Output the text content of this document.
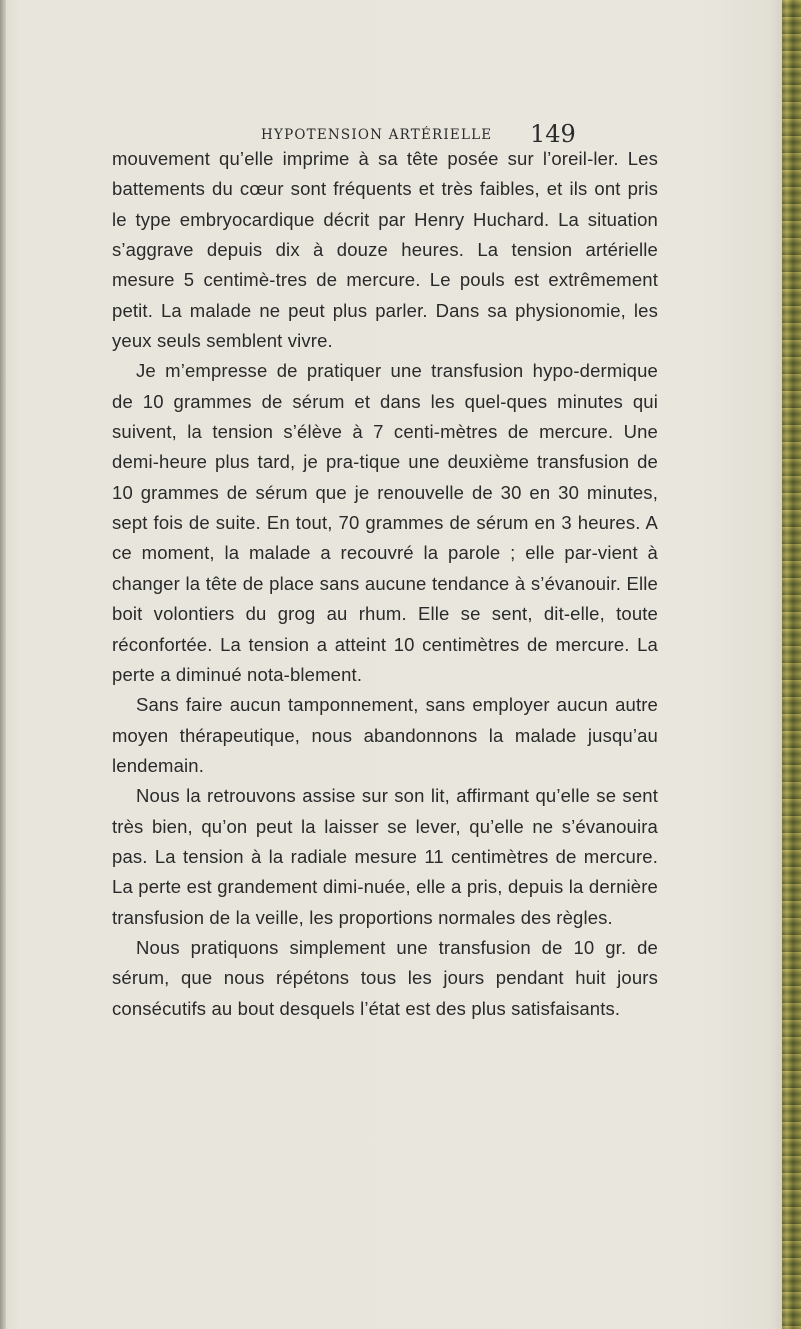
HYPOTENSION ARTÉRIELLE 149

mouvement qu’elle imprime à sa tête posée sur l’oreil-ler. Les battements du cœur sont fréquents et très faibles, et ils ont pris le type embryocardique décrit par Henry Huchard. La situation s’aggrave depuis dix à douze heures. La tension artérielle mesure 5 centimè-tres de mercure. Le pouls est extrêmement petit. La malade ne peut plus parler. Dans sa physionomie, les yeux seuls semblent vivre.

Je m’empresse de pratiquer une transfusion hypo-dermique de 10 grammes de sérum et dans les quel-ques minutes qui suivent, la tension s’élève à 7 centi-mètres de mercure. Une demi-heure plus tard, je pra-tique une deuxième transfusion de 10 grammes de sérum que je renouvelle de 30 en 30 minutes, sept fois de suite. En tout, 70 grammes de sérum en 3 heures. A ce moment, la malade a recouvré la parole ; elle par-vient à changer la tête de place sans aucune tendance à s’évanouir. Elle boit volontiers du grog au rhum. Elle se sent, dit-elle, toute réconfortée. La tension a atteint 10 centimètres de mercure. La perte a diminué nota-blement.

Sans faire aucun tamponnement, sans employer aucun autre moyen thérapeutique, nous abandonnons la malade jusqu’au lendemain.

Nous la retrouvons assise sur son lit, affirmant qu’elle se sent très bien, qu’on peut la laisser se lever, qu’elle ne s’évanouira pas. La tension à la radiale mesure 11 centimètres de mercure. La perte est grandement dimi-nuée, elle a pris, depuis la dernière transfusion de la veille, les proportions normales des règles.

Nous pratiquons simplement une transfusion de 10 gr. de sérum, que nous répétons tous les jours pendant huit jours consécutifs au bout desquels l’état est des plus satisfaisants.
